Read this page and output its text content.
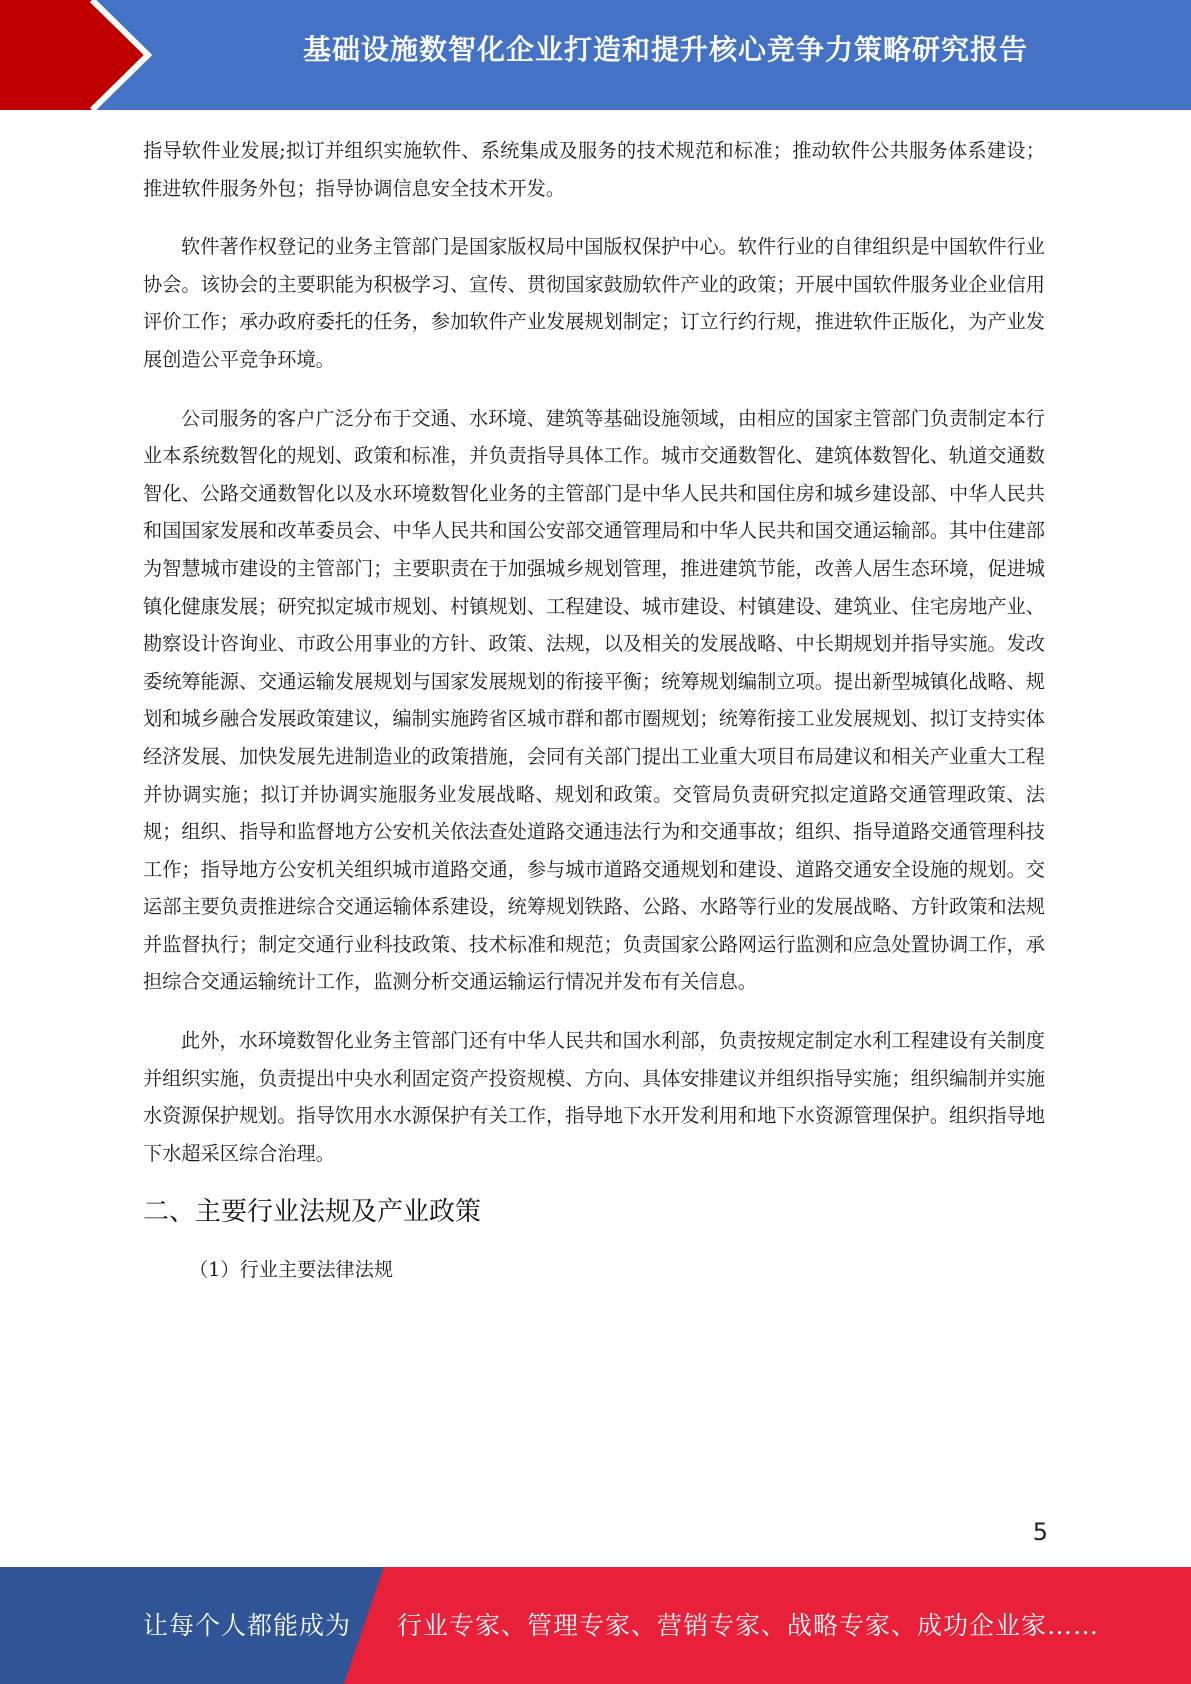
基础设施数智化企业打造和提升核心竞争力策略研究报告

指导软件业发展;拟订并组织实施软件、系统集成及服务的技术规范和标准；推动软件公共服务体系建设；推进软件服务外包；指导协调信息安全技术开发。

软件著作权登记的业务主管部门是国家版权局中国版权保护中心。软件行业的自律组织是中国软件行业协会。该协会的主要职能为积极学习、宣传、贯彻国家鼓励软件产业的政策；开展中国软件服务业企业信用评价工作；承办政府委托的任务，参加软件产业发展规划制定；订立行约行规，推进软件正版化，为产业发展创造公平竞争环境。

公司服务的客户广泛分布于交通、水环境、建筑等基础设施领域，由相应的国家主管部门负责制定本行业本系统数智化的规划、政策和标准，并负责指导具体工作。城市交通数智化、建筑体数智化、轨道交通数智化、公路交通数智化以及水环境数智化业务的主管部门是中华人民共和国住房和城乡建设部、中华人民共和国国家发展和改革委员会、中华人民共和国公安部交通管理局和中华人民共和国交通运输部。其中住建部为智慧城市建设的主管部门；主要职责在于加强城乡规划管理，推进建筑节能，改善人居生态环境，促进城镇化健康发展；研究拟定城市规划、村镇规划、工程建设、城市建设、村镇建设、建筑业、住宅房地产业、勘察设计咨询业、市政公用事业的方针、政策、法规，以及相关的发展战略、中长期规划并指导实施。发改委统筹能源、交通运输发展规划与国家发展规划的衔接平衡；统筹规划编制立项。提出新型城镇化战略、规划和城乡融合发展政策建议，编制实施跨省区城市群和都市圈规划；统筹衔接工业发展规划、拟订支持实体经济发展、加快发展先进制造业的政策措施，会同有关部门提出工业重大项目布局建议和相关产业重大工程并协调实施；拟订并协调实施服务业发展战略、规划和政策。交管局负责研究拟定道路交通管理政策、法规；组织、指导和监督地方公安机关依法查处道路交通违法行为和交通事故；组织、指导道路交通管理科技工作；指导地方公安机关组织城市道路交通，参与城市道路交通规划和建设、道路交通安全设施的规划。交运部主要负责推进综合交通运输体系建设，统筹规划铁路、公路、水路等行业的发展战略、方针政策和法规并监督执行；制定交通行业科技政策、技术标准和规范；负责国家公路网运行监测和应急处置协调工作，承担综合交通运输统计工作，监测分析交通运输运行情况并发布有关信息。

此外，水环境数智化业务主管部门还有中华人民共和国水利部，负责按规定制定水利工程建设有关制度并组织实施，负责提出中央水利固定资产投资规模、方向、具体安排建议并组织指导实施；组织编制并实施水资源保护规划。指导饮用水水源保护有关工作，指导地下水开发利用和地下水资源管理保护。组织指导地下水超采区综合治理。

二、主要行业法规及产业政策
（1）行业主要法律法规
5
让每个人都能成为 行业专家、管理专家、营销专家、战略专家、成功企业家……
